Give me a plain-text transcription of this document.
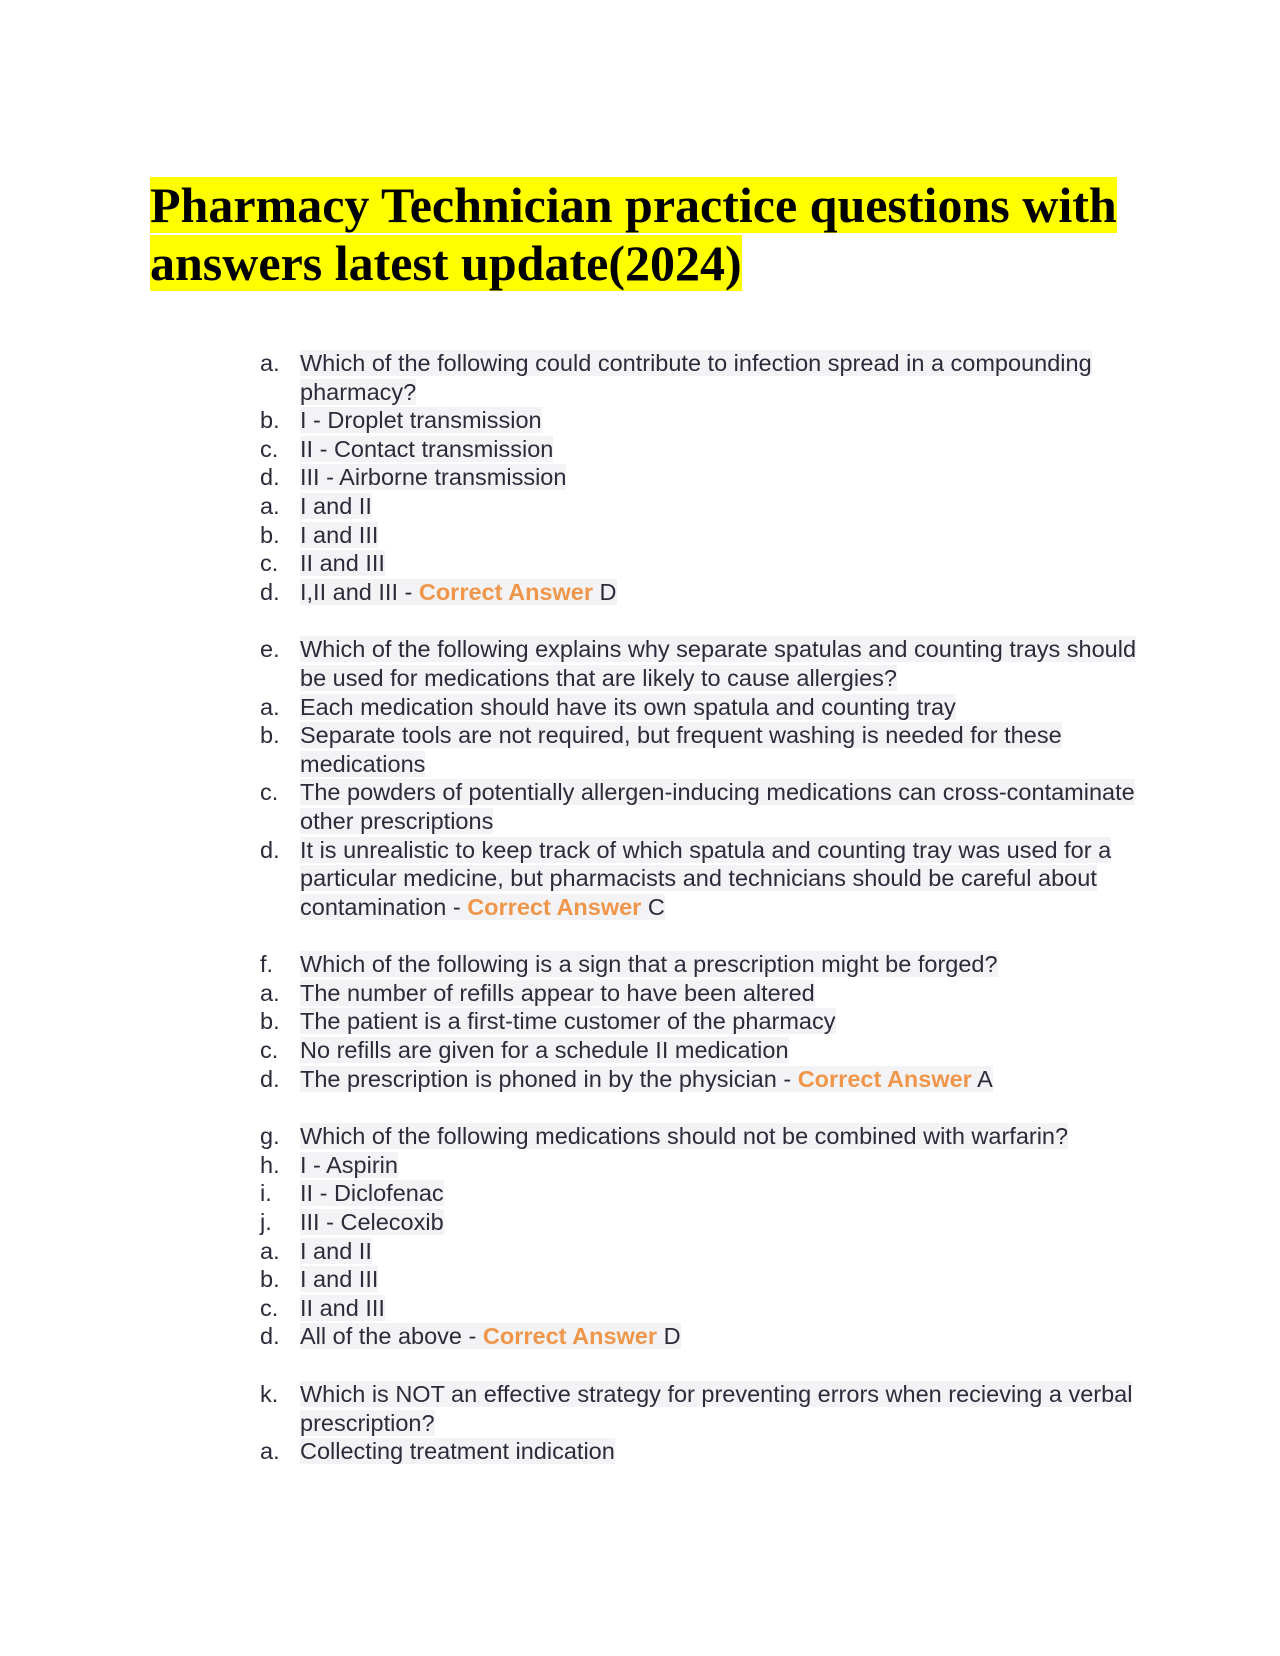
Pharmacy Technician practice questions with answers latest update(2024)
a. Which of the following could contribute to infection spread in a compounding pharmacy?
b. I - Droplet transmission
c. II - Contact transmission
d. III - Airborne transmission
a. I and II
b. I and III
c. II and III
d. I,II and III - Correct Answer D
e. Which of the following explains why separate spatulas and counting trays should be used for medications that are likely to cause allergies?
a. Each medication should have its own spatula and counting tray
b. Separate tools are not required, but frequent washing is needed for these medications
c. The powders of potentially allergen-inducing medications can cross-contaminate other prescriptions
d. It is unrealistic to keep track of which spatula and counting tray was used for a particular medicine, but pharmacists and technicians should be careful about contamination - Correct Answer C
f.	Which of the following is a sign that a prescription might be forged?
a. The number of refills appear to have been altered
b. The patient is a first-time customer of the pharmacy
c. No refills are given for a schedule II medication
d. The prescription is phoned in by the physician - Correct Answer A
g. Which of the following medications should not be combined with warfarin?
h. I - Aspirin
i.	II - Diclofenac
j.	III - Celecoxib
a. I and II
b. I and III
c. II and III
d. All of the above - Correct Answer D
k. Which is NOT an effective strategy for preventing errors when recieving a verbal prescription?
a. Collecting treatment indication
